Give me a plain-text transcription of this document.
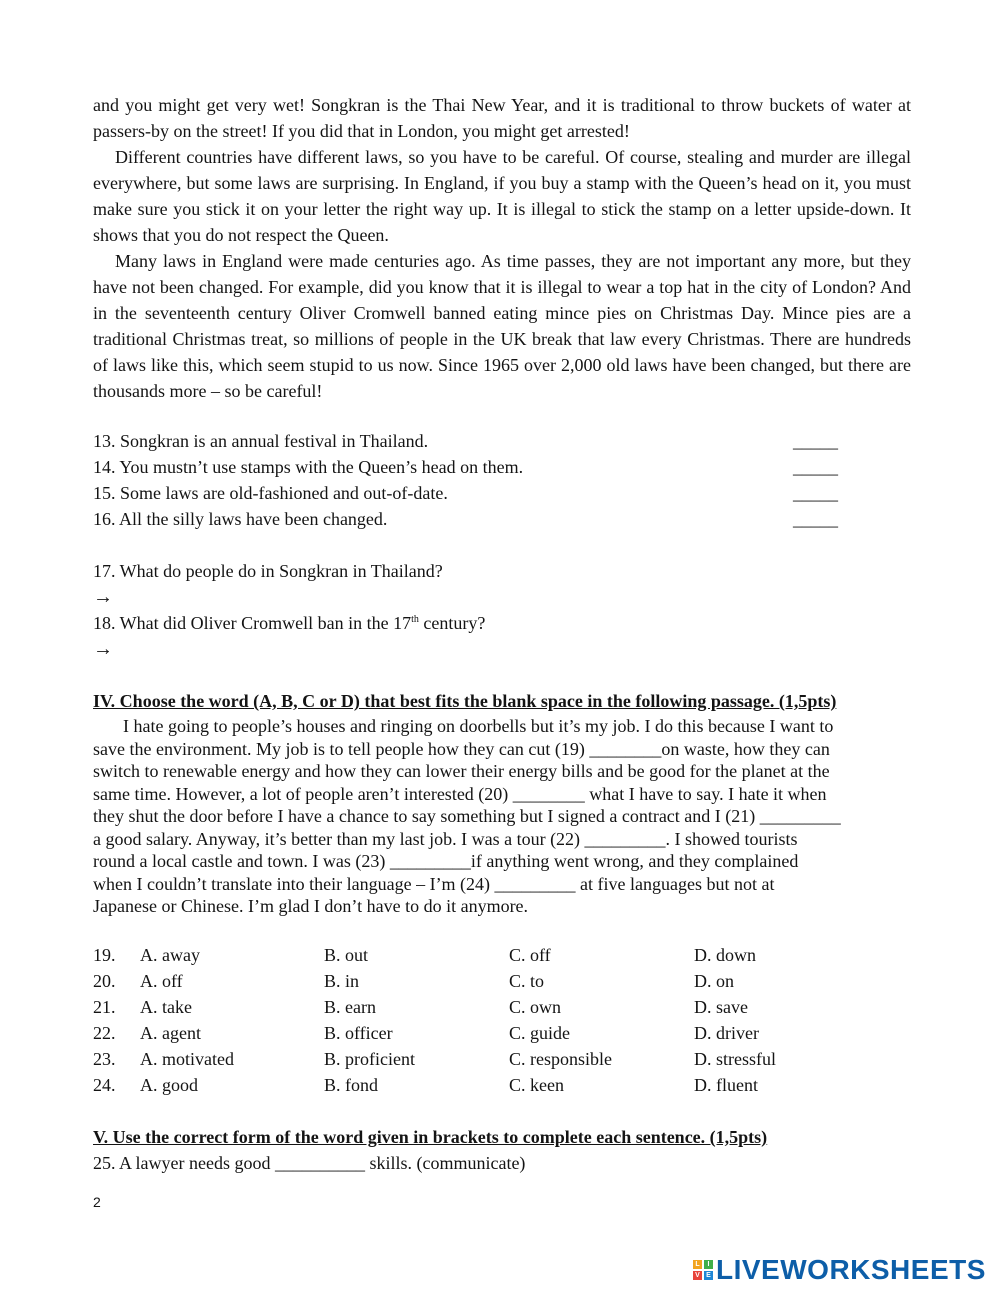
and you might get very wet! Songkran is the Thai New Year, and it is traditional to throw buckets of water at passers-by on the street! If you did that in London, you might get arrested!

Different countries have different laws, so you have to be careful. Of course, stealing and murder are illegal everywhere, but some laws are surprising. In England, if you buy a stamp with the Queen’s head on it, you must make sure you stick it on your letter the right way up. It is illegal to stick the stamp on a letter upside-down. It shows that you do not respect the Queen.

Many laws in England were made centuries ago. As time passes, they are not important any more, but they have not been changed. For example, did you know that it is illegal to wear a top hat in the city of London? And in the seventeenth century Oliver Cromwell banned eating mince pies on Christmas Day. Mince pies are a traditional Christmas treat, so millions of people in the UK break that law every Christmas. There are hundreds of laws like this, which seem stupid to us now. Since 1965 over 2,000 old laws have been changed, but there are thousands more – so be careful!

13. Songkran is an annual festival in Thailand.	_____
14. You mustn’t use stamps with the Queen’s head on them.	_____
15. Some laws are old-fashioned and out-of-date.	_____
16. All the silly laws have been changed.	_____
17. What do people do in Songkran in Thailand?
→
18. What did Oliver Cromwell ban in the 17th century?
→
IV. Choose the word (A, B, C or D) that best fits the blank space in the following passage. (1,5pts)
I hate going to people’s houses and ringing on doorbells but it’s my job. I do this because I want to
save the environment. My job is to tell people how they can cut (19) ________on waste, how they can
switch to renewable energy and how they can lower their energy bills and be good for the planet at the
same time. However, a lot of people aren’t interested (20) ________ what I have to say. I hate it when
they shut the door before I have a chance to say something but I signed a contract and I (21) _________
a good salary. Anyway, it’s better than my last job. I was a tour (22) _________. I showed tourists
round a local castle and town. I was (23) _________if anything went wrong, and they complained
when I couldn’t translate into their language – I’m (24) _________ at five languages but not at
Japanese or Chinese. I’m glad I don’t have to do it anymore.
19. A. away	B. out	C. off	D. down
20. A. off	B. in	C. to	D. on
21. A. take	B. earn	C. own	D. save
22. A. agent	B. officer	C. guide	D. driver
23. A. motivated	B. proficient	C. responsible	D. stressful
24. A. good	B. fond	C. keen	D. fluent
V. Use the correct form of the word given in brackets to complete each sentence. (1,5pts)
25. A lawyer needs good __________ skills. (communicate)
2
L	I
V E LIVEWORKSHEETS
